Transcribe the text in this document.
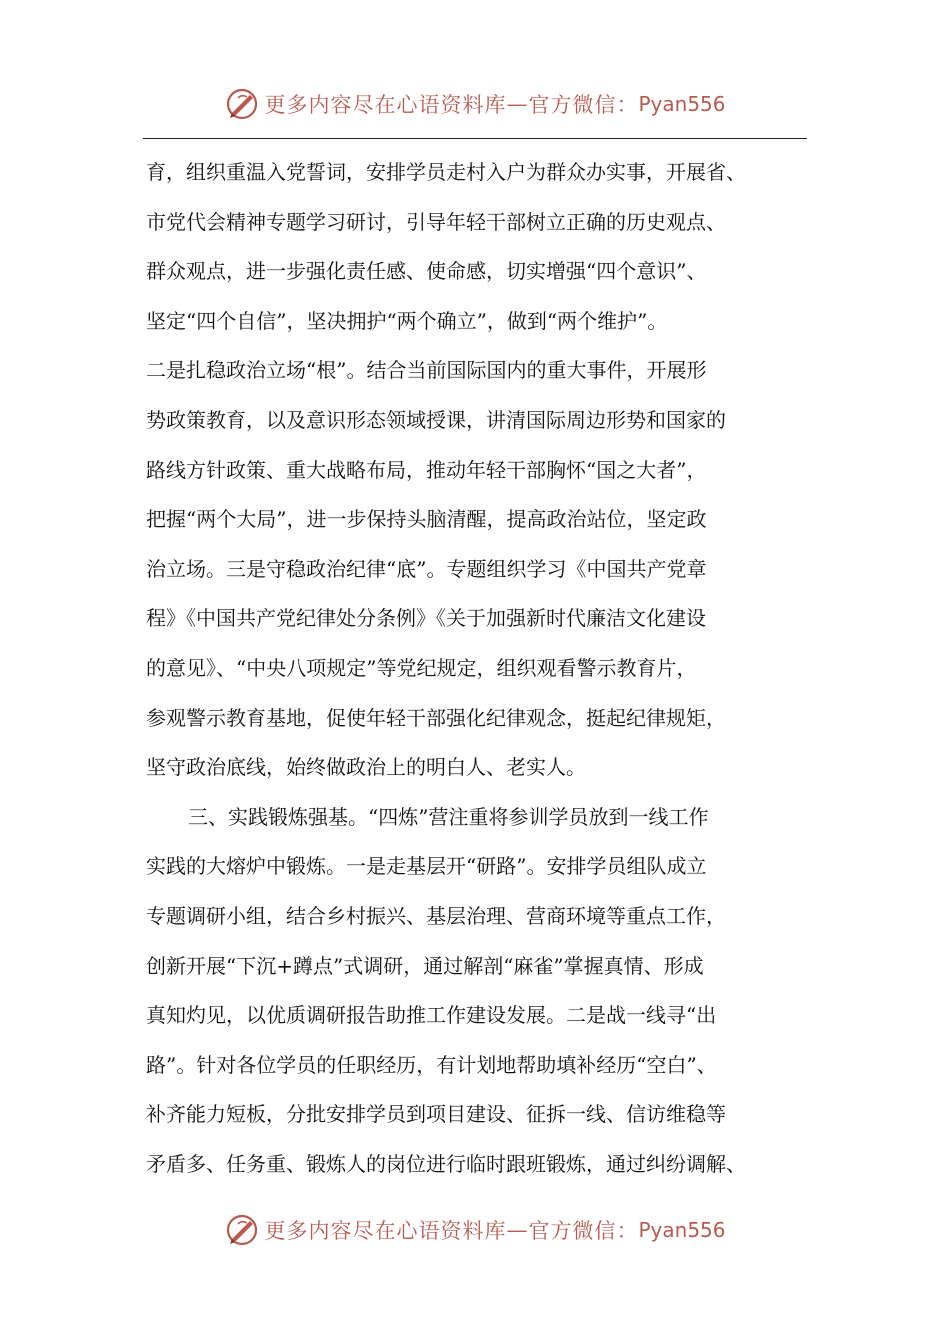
更多内容尽在心语资料库 — 官方微信： Pyan556

育，组织重温入党誓词，安排学员走村入户为群众办实事，开展省、

市党代会精神专题学习研讨，引导年轻干部树立正确的历史观点、

群众观点，进一步强化责任感、使命感，切实增强“四个意识”、

坚定“四个自信”，坚决拥护“两个确立”，做到“两个维护”。

二是扎稳政治立场“根”。结合当前国际国内的重大事件，开展形

势政策教育，以及意识形态领域授课，讲清国际周边形势和国家的

路线方针政策、重大战略布局，推动年轻干部胸怀“国之大者”，

把握“两个大局”，进一步保持头脑清醒，提高政治站位，坚定政

治立场。三是守稳政治纪律“底”。专题组织学习《中国共产党章

程》《中国共产党纪律处分条例》《关于加强新时代廉洁文化建设

的意见》、“中央八项规定”等党纪规定，组织观看警示教育片，

参观警示教育基地，促使年轻干部强化纪律观念，挺起纪律规矩，

坚守政治底线，始终做政治上的明白人、老实人。

三、实践锻炼强基。“四炼”营注重将参训学员放到一线工作

实践的大熔炉中锻炼。一是走基层开“研路”。安排学员组队成立

专题调研小组，结合乡村振兴、基层治理、营商环境等重点工作，

创新开展“下沉+蹲点”式调研，通过解剖“麻雀”掌握真情、形成

真知灼见，以优质调研报告助推工作建设发展。二是战一线寻“出

路”。针对各位学员的任职经历，有计划地帮助填补经历“空白”、

补齐能力短板，分批安排学员到项目建设、征拆一线、信访维稳等

矛盾多、任务重、锻炼人的岗位进行临时跟班锻炼，通过纠纷调解、

更多内容尽在心语资料库 — 官方微信： Pyan556
